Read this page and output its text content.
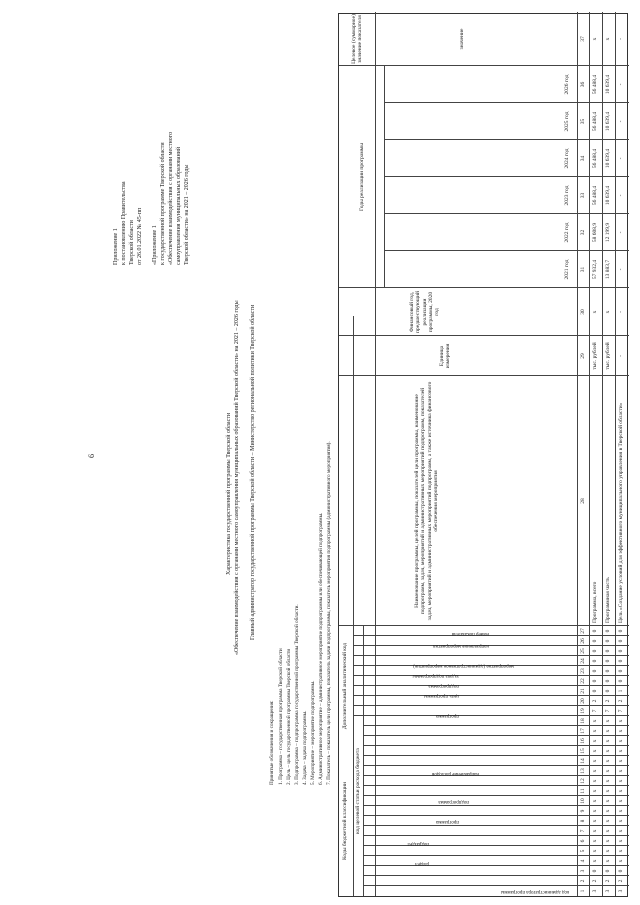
6
Приложение 1 к постановлению Правительства Тверской области от 26.01.2022 № 45-пп «Приложение 1 к государственной программе Тверской области «Обеспечение взаимодействия с органами местного самоуправления муниципальных образований Тверской области» на 2021 – 2026 годы
Характеристика государственной программы Тверской области «Обеспечение взаимодействия с органами местного самоуправления муниципальных образований Тверской области» на 2021 – 2026 годы Главный администратор государственной программы Тверской области – Министерство региональной политики Тверской области
Принятые обозначения и сокращения: 1. Программа – государственная программа Тверской области 2. Цель – цель государственной программы Тверской области 3. Подпрограмма – подпрограмма государственной программы Тверской области. 4. Задача – задача подпрограммы. 5. Мероприятие – мероприятие подпрограммы. 6. Административное мероприятие – административное мероприятие подпрограммы или обеспечивающей подпрограммы. 7. Показатель – показатель цели программы, показатель задачи подпрограммы, показатель мероприятия подпрограммы (административного мероприятия).
Коды бюджетной классификации
Дополнительный аналитический код
код целевой статьи расхода бюджета
код администратора программы
раздел
подраздел
программа
подпрограмма
направление расходов
программа
цель программы
подпрограмма
задача подпрограммы
мероприятие (административное мероприятие)
направление мероприятия
номер показателя
Наименование программы, целей программы, показателей цели программы, наименование подпрограмм, задач, мероприятий и административных мероприятий подпрограмм, показателей задач, мероприятий и административных мероприятий подпрограмм, а также источника финансового обеспечения мероприятия
Единица измерения
Финансовый год, предшествующий реализации программы, 2020 год
Годы реализации программы
Целевое (суммарное) значение показателя	значение
2021 год
2022 год
2023 год
2024 год
2025 год
2026 год
1
2
3
4
5
6
7
8
9
10
11
12
13
14
15
16
17
18
19
20
21
22
23
24
25
26
27
28
29
30
31
32
33
34
35
36
37
3
2
0
x
x
x
x
x
x
x
x
x
x
x
x
x
x
x
7
2
0
0
0
0
0
0
0
Программа, всего
тыс. рублей
x
57 932,4
58 608,9
56 488,4
56 488,4
56 488,4
56 488,4
x
3
2
0
x
x
x
x
x
x
x
x
x
x
x
x
x
x
x
7
2
0
0
0
0
0
0
0
Программная часть
тыс. рублей
x
13 883,7
12 199,9
10 639,4
10 639,4
10 639,4
10 639,4
x
3
2
0
x
x
x
x
x
x
x
x
x
x
x
x
x
x
x
7
2
1
0
0
0
0
0
0
Цель «Создание условий для эффективного муниципального управления в Тверской области»
-
-
-
-
-
-
-
-
-
